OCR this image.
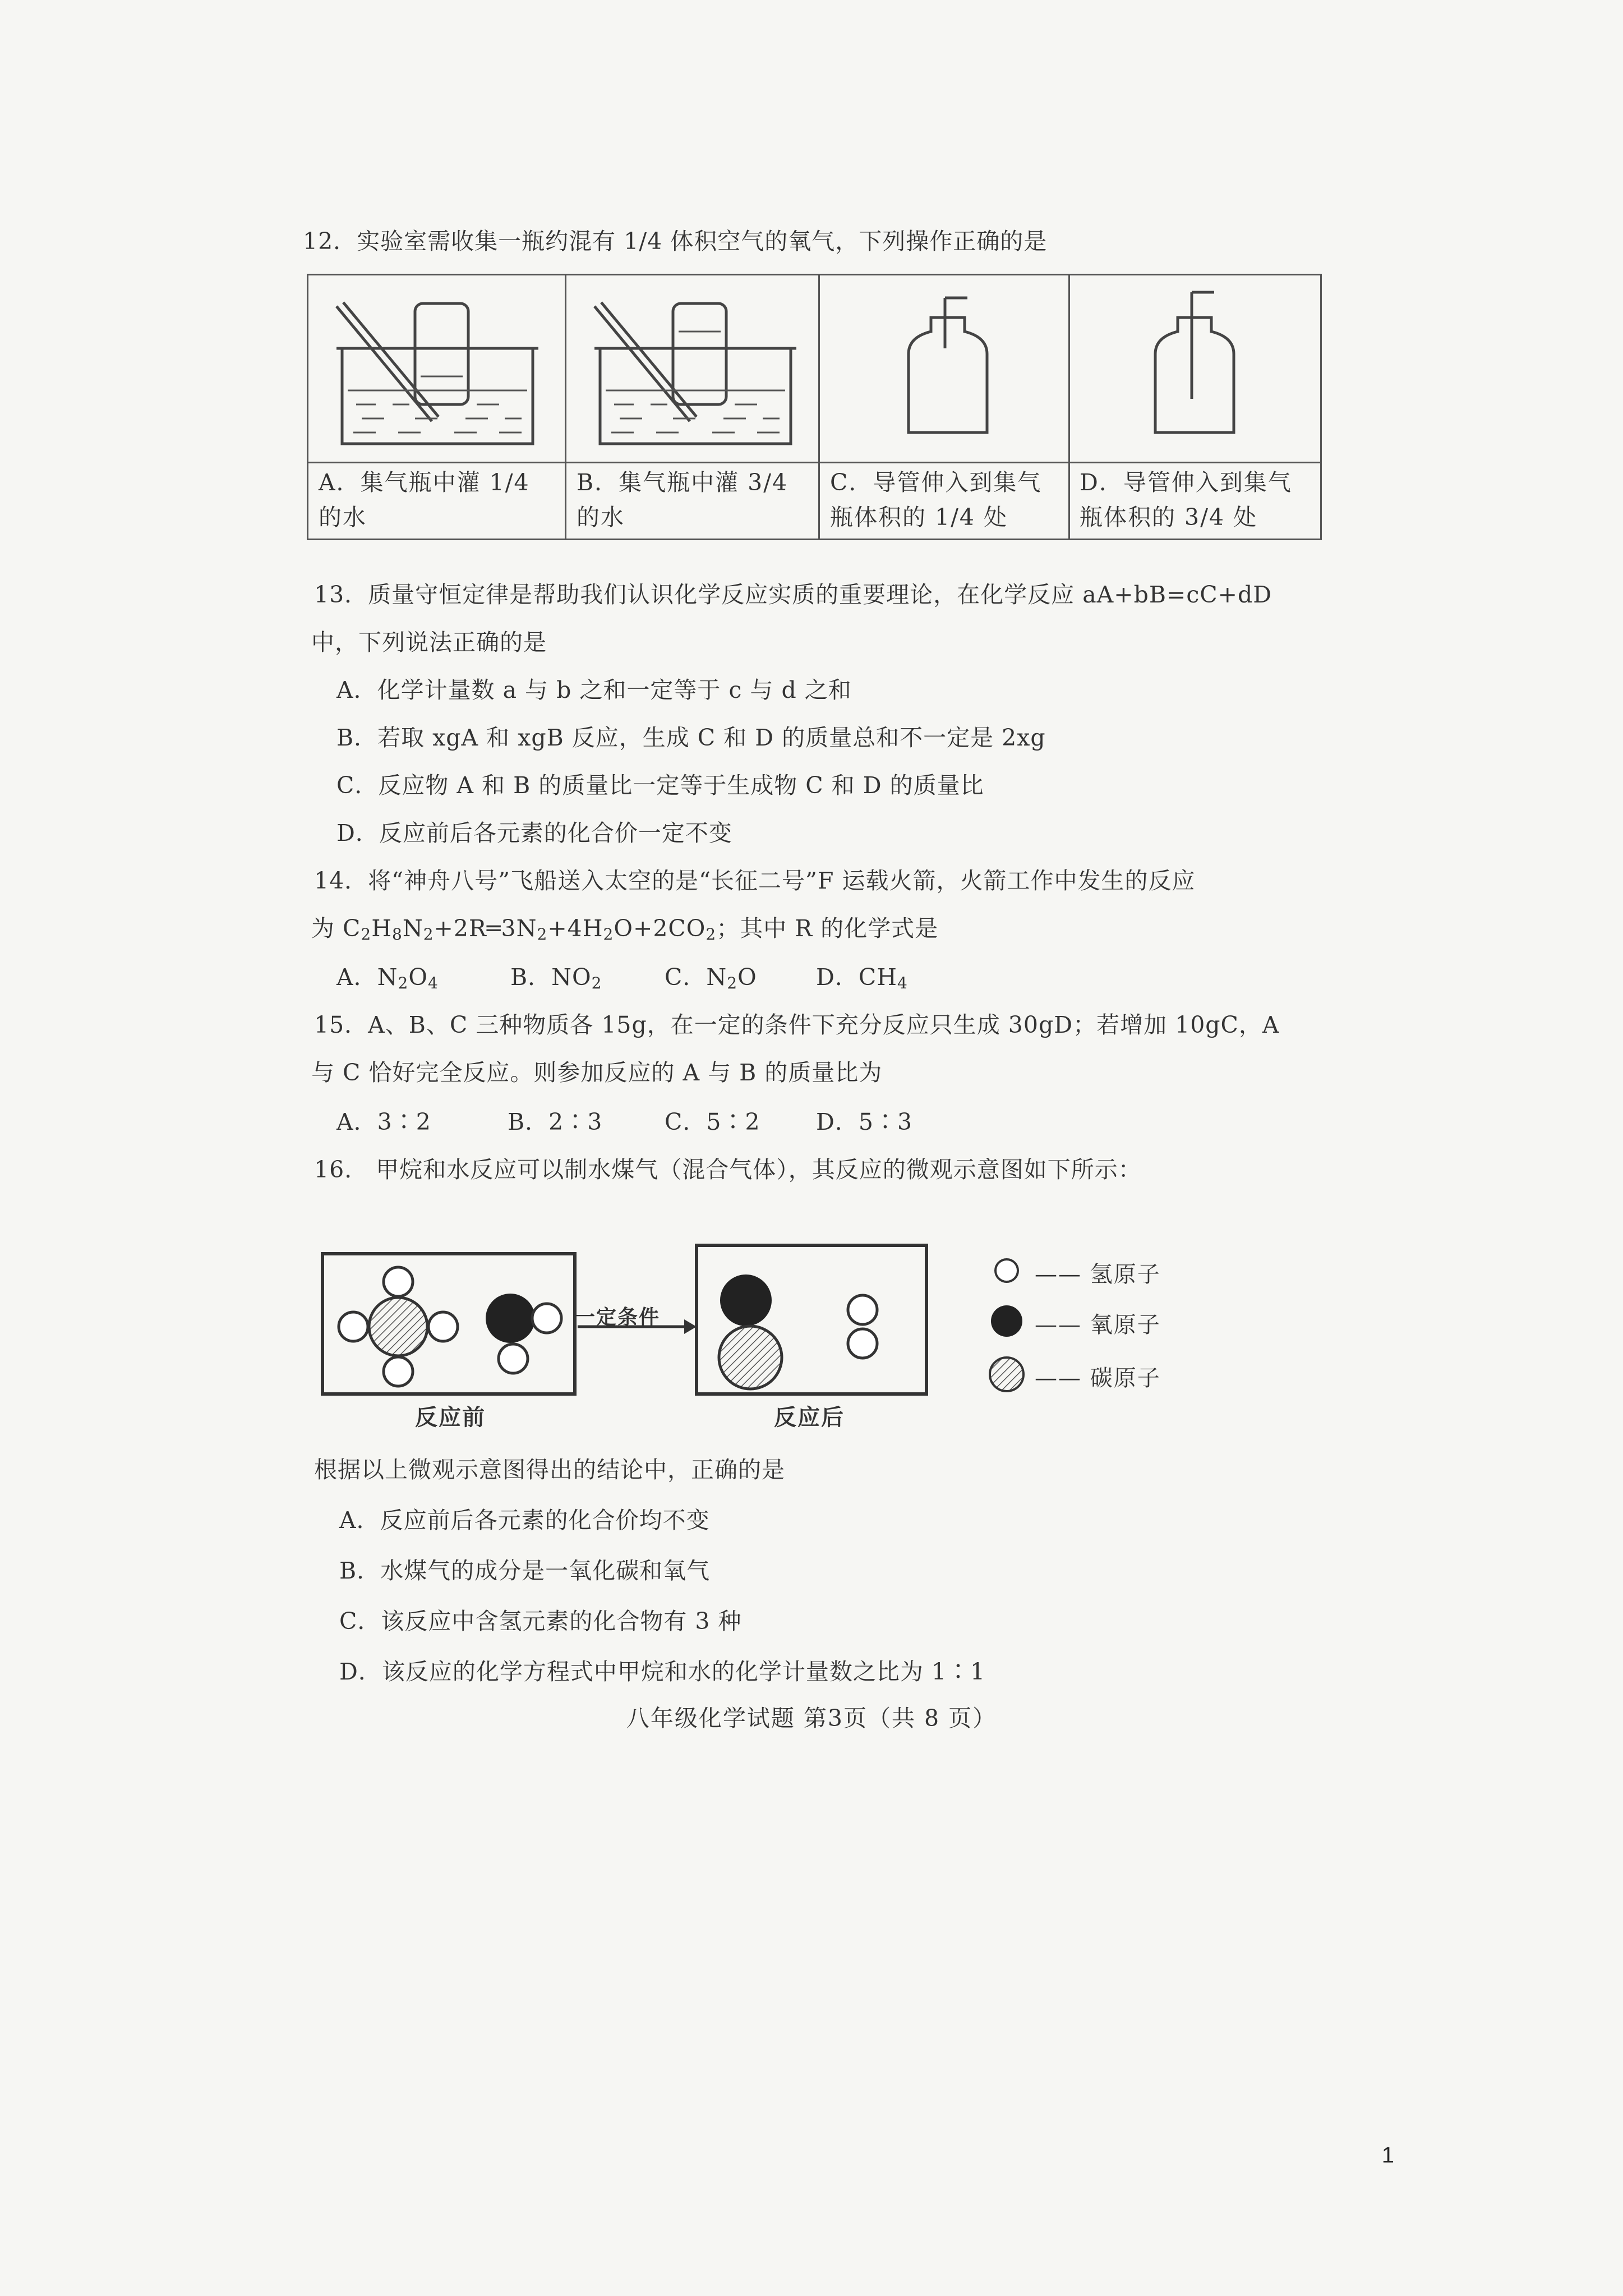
12．实验室需收集一瓶约混有 1/4 体积空气的氧气，下列操作正确的是
A．集气瓶中灌 1/4 的水
B．集气瓶中灌 3/4 的水
C．导管伸入到集气瓶体积的 1/4 处
D．导管伸入到集气瓶体积的 3/4 处
13．质量守恒定律是帮助我们认识化学反应实质的重要理论，在化学反应 aA+bB=cC+dD
中，下列说法正确的是
A．化学计量数 a 与 b 之和一定等于 c 与 d 之和
B．若取 xgA 和 xgB 反应，生成 C 和 D 的质量总和不一定是 2xg
C．反应物 A 和 B 的质量比一定等于生成物 C 和 D 的质量比
D．反应前后各元素的化合价一定不变
14．将“神舟八号”飞船送入太空的是“长征二号”F 运载火箭，火箭工作中发生的反应
为 $C_2H_8N_2+2R═3N_2+4H_2O+2CO_2$；其中 R 的化学式是
A．$N_2O_4$	B．$NO_2$	C．$N_2O$	D．$CH_4$
15．A、B、C 三种物质各 15g，在一定的条件下充分反应只生成 30gD；若增加 10gC，A
与 C 恰好完全反应。则参加反应的 A 与 B 的质量比为
A．3∶2	B．2∶3	C．5∶2 D．5∶3
16.　甲烷和水反应可以制水煤气（混合气体），其反应的微观示意图如下所示：
一定条件
反应前	反应后
—— 氢原子
—— 氧原子
—— 碳原子
根据以上微观示意图得出的结论中，正确的是
A．反应前后各元素的化合价均不变
B．水煤气的成分是一氧化碳和氧气
C．该反应中含氢元素的化合物有 3 种
D．该反应的化学方程式中甲烷和水的化学计量数之比为 1∶1
八年级化学试题 第3页（共 8 页）
1
